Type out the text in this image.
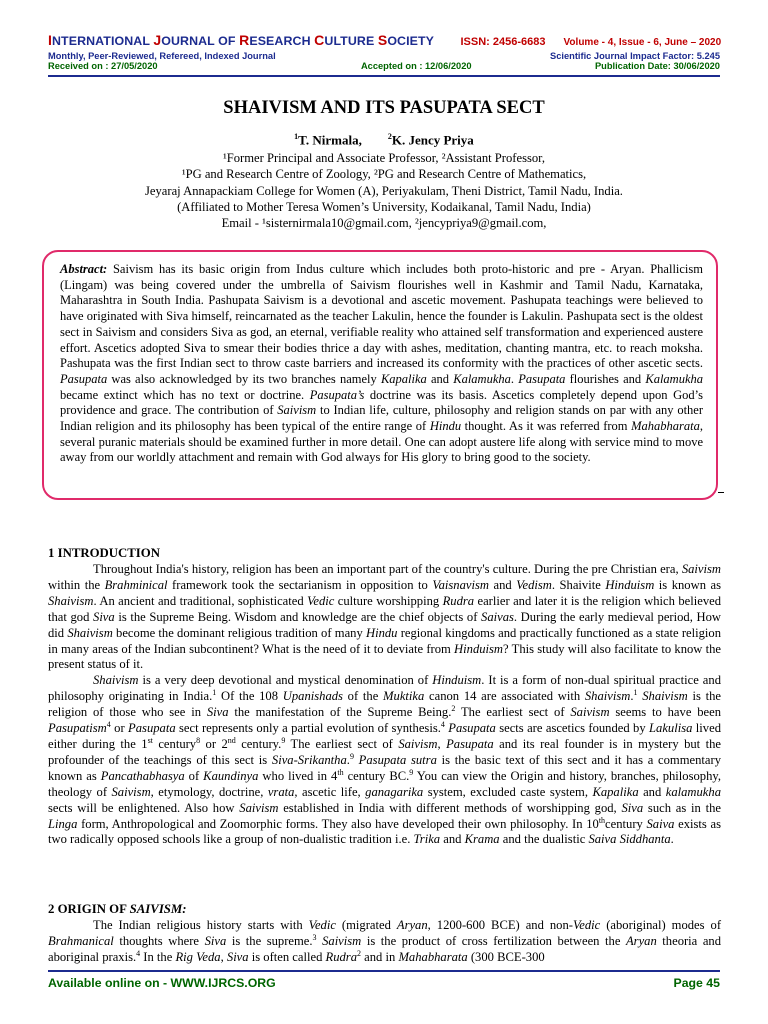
INTERNATIONAL JOURNAL OF RESEARCH CULTURE SOCIETY ISSN: 2456-6683 Volume - 4, Issue - 6, June – 2020
Monthly, Peer-Reviewed, Refereed, Indexed Journal	Scientific Journal Impact Factor: 5.245
Received on : 27/05/2020	Accepted on : 12/06/2020	Publication Date: 30/06/2020
SHAIVISM AND ITS PASUPATA SECT
$^1$T. Nirmala,	$^2$K. Jency Priya
¹Former Principal and Associate Professor, ²Assistant Professor,
¹PG and Research Centre of Zoology, ²PG and Research Centre of Mathematics,
Jeyaraj Annapackiam College for Women (A), Periyakulam, Theni District, Tamil Nadu, India.
(Affiliated to Mother Teresa Women’s University, Kodaikanal, Tamil Nadu, India)
Email - ¹sisternirmala10@gmail.com, ²jencypriya9@gmail.com,
Abstract: Saivism has its basic origin from Indus culture which includes both proto-historic and pre - Aryan. Phallicism (Lingam) was being covered under the umbrella of Saivism flourishes well in Kashmir and Tamil Nadu, Karnataka, Maharashtra in South India. Pashupata Saivism is a devotional and ascetic movement. Pashupata teachings were believed to have originated with Siva himself, reincarnated as the teacher Lakulin, hence the founder is Lakulin. Pashupata sect is the oldest sect in Saivism and considers Siva as god, an eternal, verifiable reality who attained self transformation and experienced austere effort. Ascetics adopted Siva to smear their bodies thrice a day with ashes, meditation, chanting mantra, etc. to reach moksha. Pashupata was the first Indian sect to throw caste barriers and increased its conformity with the practices of other ascetic sects. Pasupata was also acknowledged by its two branches namely Kapalika and Kalamukha. Pasupata flourishes and Kalamukha became extinct which has no text or doctrine. Pasupata’s doctrine was its basis. Ascetics completely depend upon God’s providence and grace. The contribution of Saivism to Indian life, culture, philosophy and religion stands on par with any other Indian religion and its philosophy has been typical of the entire range of Hindu thought. As it was referred from Mahabharata, several puranic materials should be examined further in more detail. One can adopt austere life along with service mind to move away from our worldly attachment and remain with God always for His glory to bring good to the society.
1 INTRODUCTION

Throughout India's history, religion has been an important part of the country's culture. During the pre Christian era, Saivism within the Brahminical framework took the sectarianism in opposition to Vaisnavism and Vedism. Shaivite Hinduism is known as Shaivism. An ancient and traditional, sophisticated Vedic culture worshipping Rudra earlier and later it is the religion which believed that god Siva is the Supreme Being. Wisdom and knowledge are the chief objects of Saivas. During the early medieval period, How did Shaivism become the dominant religious tradition of many Hindu regional kingdoms and practically functioned as a state religion in many areas of the Indian subcontinent? What is the need of it to deviate from Hinduism? This study will also facilitate to know the present status of it.

Shaivism is a very deep devotional and mystical denomination of Hinduism. It is a form of non-dual spiritual practice and philosophy originating in India.$^1$ Of the 108 Upanishads of the Muktika canon 14 are associated with Shaivism.$^1$ Shaivism is the religion of those who see in Siva the manifestation of the Supreme Being.$^2$ The earliest sect of Saivism seems to have been Pasupatism$^4$ or Pasupata sect represents only a partial evolution of synthesis.$^4$ Pasupata sects are ascetics founded by Lakulisa lived either during the 1st century$^8$ or 2nd century.$^9$ The earliest sect of Saivism, Pasupata and its real founder is in mystery but the profounder of the teachings of this sect is Siva-Srikantha.$^9$ Pasupata sutra is the basic text of this sect and it has a commentary known as Pancathabhasya of Kaundinya who lived in 4th century BC.$^9$ You can view the Origin and history, branches, philosophy, theology of Saivism, etymology, doctrine, vrata, ascetic life, ganagarika system, excluded caste system, Kapalika and kalamukha sects will be enlightened. Also how Saivism established in India with different methods of worshipping god, Siva such as in the Linga form, Anthropological and Zoomorphic forms. They also have developed their own philosophy. In 10thcentury Saiva exists as two radically opposed schools like a group of non-dualistic tradition i.e. Trika and Krama and the dualistic Saiva Siddhanta.

2 ORIGIN OF SAIVISM:

The Indian religious history starts with Vedic (migrated Aryan, 1200-600 BCE) and non-Vedic (aboriginal) modes of Brahmanical thoughts where Siva is the supreme.$^3$ Saivism is the product of cross fertilization between the Aryan theoria and aboriginal praxis.$^4$ In the Rig Veda, Siva is often called Rudra$^2$ and in Mahabharata (300 BCE-300

Available online on - WWW.IJRCS.ORG	Page 45
